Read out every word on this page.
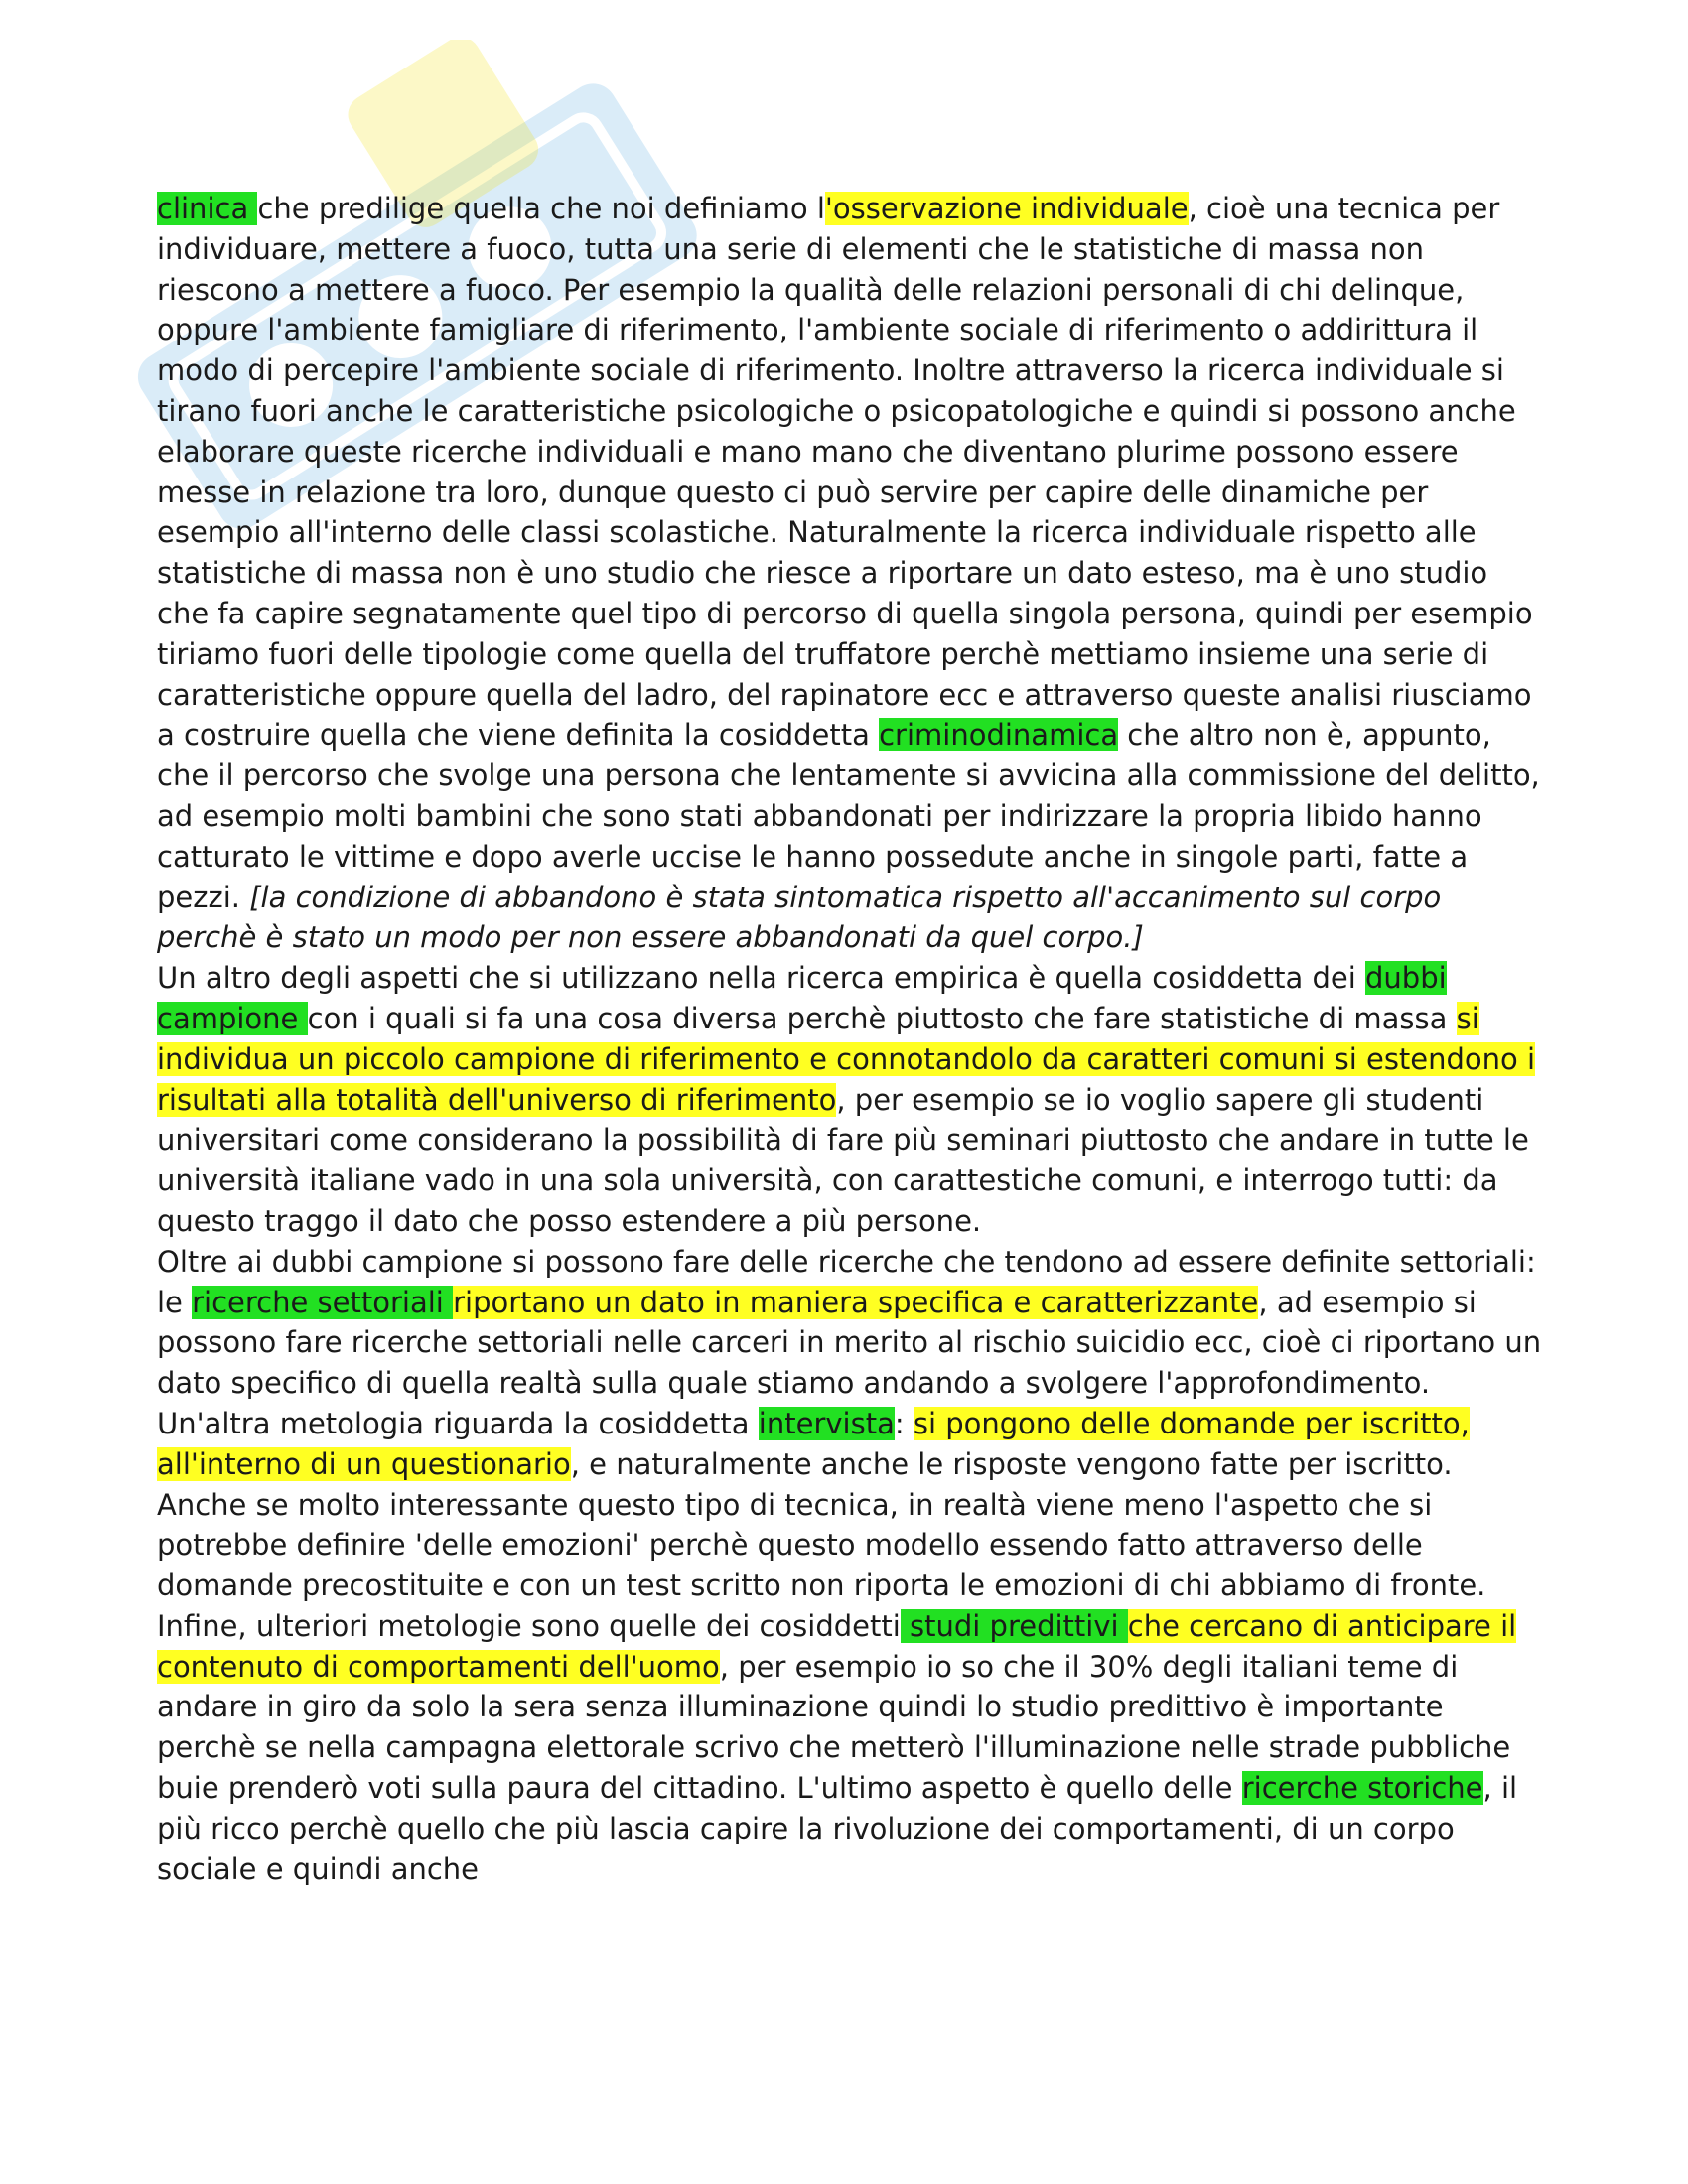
clinica che predilige quella che noi definiamo l'osservazione individuale, cioè una tecnica per individuare, mettere a fuoco, tutta una serie di elementi che le statistiche di massa non riescono a mettere a fuoco. Per esempio la qualità delle relazioni personali di chi delinque, oppure l'ambiente famigliare di riferimento, l'ambiente sociale di riferimento o addirittura il modo di percepire l'ambiente sociale di riferimento. Inoltre attraverso la ricerca individuale si tirano fuori anche le caratteristiche psicologiche o psicopatologiche e quindi si possono anche elaborare queste ricerche individuali e mano mano che diventano plurime possono essere messe in relazione tra loro, dunque questo ci può servire per capire delle dinamiche per esempio all'interno delle classi scolastiche. Naturalmente la ricerca individuale rispetto alle statistiche di massa non è uno studio che riesce a riportare un dato esteso, ma è uno studio che fa capire segnatamente quel tipo di percorso di quella singola persona, quindi per esempio tiriamo fuori delle tipologie come quella del truffatore perchè mettiamo insieme una serie di caratteristiche oppure quella del ladro, del rapinatore ecc e attraverso queste analisi riusciamo a costruire quella che viene definita la cosiddetta criminodinamica che altro non è, appunto, che il percorso che svolge una persona che lentamente si avvicina alla commissione del delitto, ad esempio molti bambini che sono stati abbandonati per indirizzare la propria libido hanno catturato le vittime e dopo averle uccise le hanno possedute anche in singole parti, fatte a pezzi. [la condizione di abbandono è stata sintomatica rispetto all'accanimento sul corpo perchè è stato un modo per non essere abbandonati da quel corpo.]

Un altro degli aspetti che si utilizzano nella ricerca empirica è quella cosiddetta dei dubbi campione con i quali si fa una cosa diversa perchè piuttosto che fare statistiche di massa si individua un piccolo campione di riferimento e connotandolo da caratteri comuni si estendono i risultati alla totalità dell'universo di riferimento, per esempio se io voglio sapere gli studenti universitari come considerano la possibilità di fare più seminari piuttosto che andare in tutte le università italiane vado in una sola università, con carattestiche comuni, e interrogo tutti: da questo traggo il dato che posso estendere a più persone.

Oltre ai dubbi campione si possono fare delle ricerche che tendono ad essere definite settoriali: le ricerche settoriali riportano un dato in maniera specifica e caratterizzante, ad esempio si possono fare ricerche settoriali nelle carceri in merito al rischio suicidio ecc, cioè ci riportano un dato specifico di quella realtà sulla quale stiamo andando a svolgere l'approfondimento. Un'altra metologia riguarda la cosiddetta intervista: si pongono delle domande per iscritto, all'interno di un questionario, e naturalmente anche le risposte vengono fatte per iscritto. Anche se molto interessante questo tipo di tecnica, in realtà viene meno l'aspetto che si potrebbe definire 'delle emozioni' perchè questo modello essendo fatto attraverso delle domande precostituite e con un test scritto non riporta le emozioni di chi abbiamo di fronte. Infine, ulteriori metologie sono quelle dei cosiddetti studi predittivi che cercano di anticipare il contenuto di comportamenti dell'uomo, per esempio io so che il 30% degli italiani teme di andare in giro da solo la sera senza illuminazione quindi lo studio predittivo è importante perchè se nella campagna elettorale scrivo che metterò l'illuminazione nelle strade pubbliche buie prenderò voti sulla paura del cittadino. L'ultimo aspetto è quello delle ricerche storiche, il più ricco perchè quello che più lascia capire la rivoluzione dei comportamenti, di un corpo sociale e quindi anche
